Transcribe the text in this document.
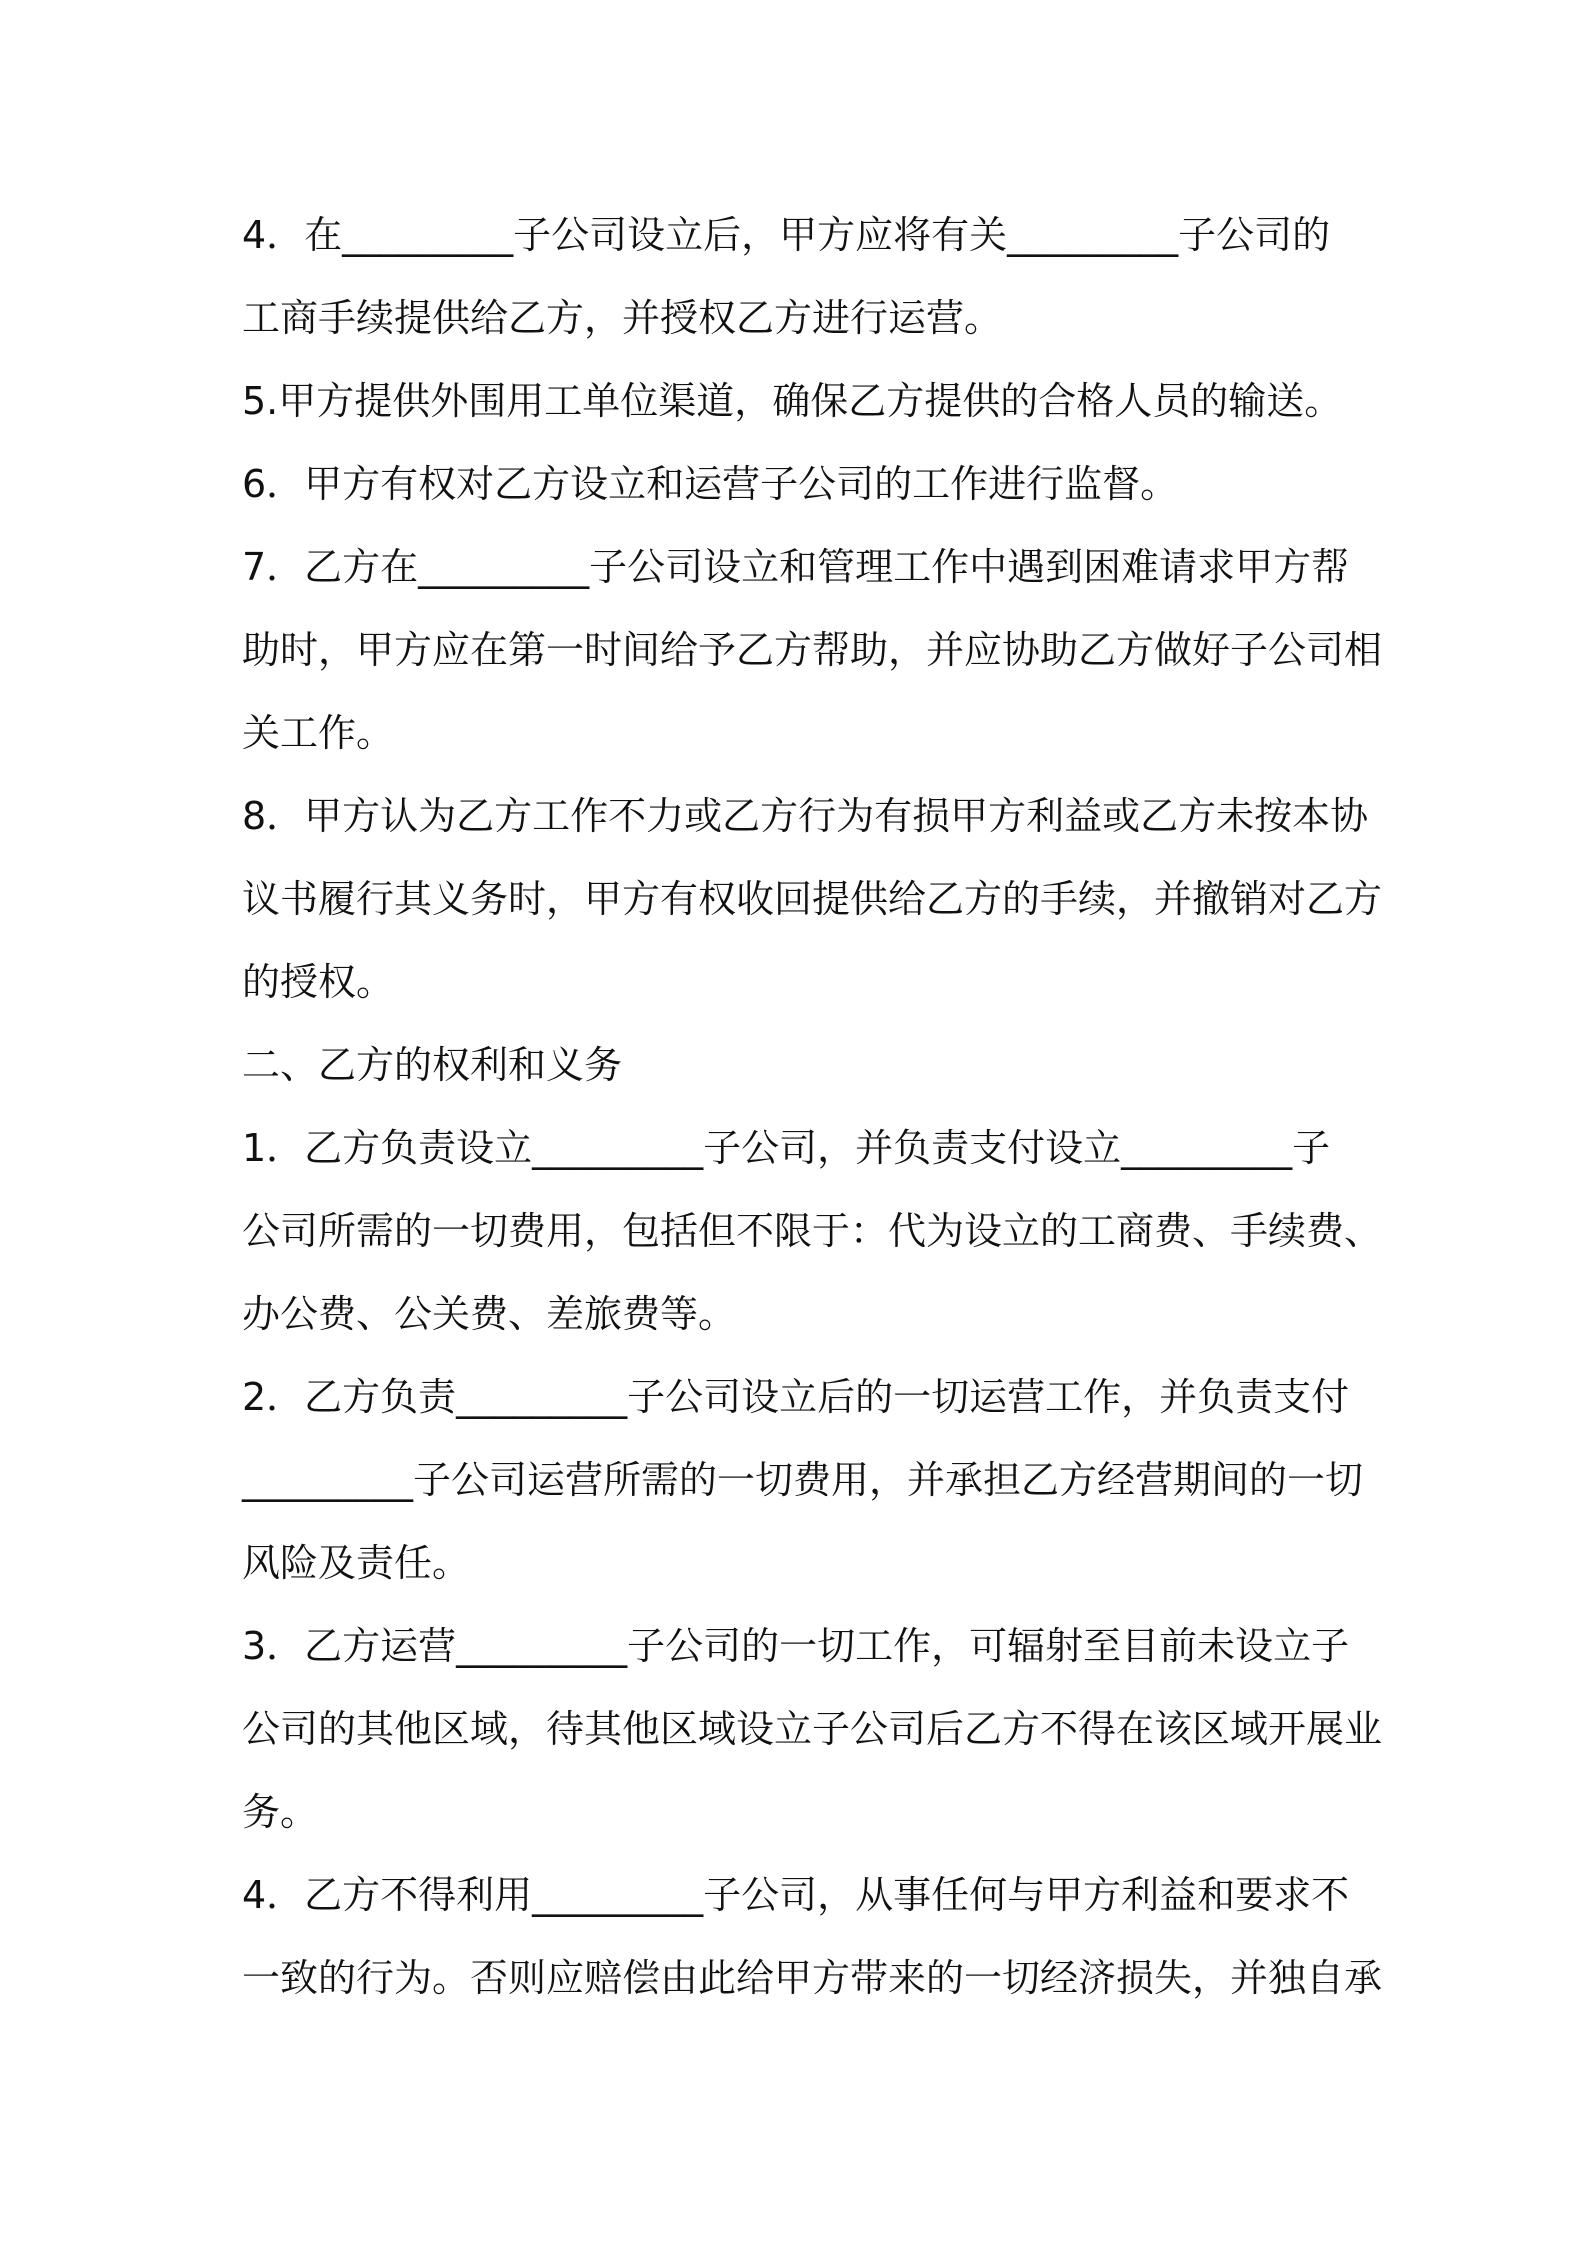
4．在_________子公司设立后，甲方应将有关_________子公司的
工商手续提供给乙方，并授权乙方进行运营。
5.甲方提供外围用工单位渠道，确保乙方提供的合格人员的输送。
6．甲方有权对乙方设立和运营子公司的工作进行监督。
7．乙方在_________子公司设立和管理工作中遇到困难请求甲方帮
助时，甲方应在第一时间给予乙方帮助，并应协助乙方做好子公司相
关工作。
8．甲方认为乙方工作不力或乙方行为有损甲方利益或乙方未按本协
议书履行其义务时，甲方有权收回提供给乙方的手续，并撤销对乙方
的授权。
二、乙方的权利和义务
1．乙方负责设立_________子公司，并负责支付设立_________子
公司所需的一切费用，包括但不限于：代为设立的工商费、手续费、
办公费、公关费、差旅费等。
2．乙方负责_________子公司设立后的一切运营工作，并负责支付
_________子公司运营所需的一切费用，并承担乙方经营期间的一切
风险及责任。
3．乙方运营_________子公司的一切工作，可辐射至目前未设立子
公司的其他区域，待其他区域设立子公司后乙方不得在该区域开展业
务。
4．乙方不得利用_________子公司，从事任何与甲方利益和要求不
一致的行为。否则应赔偿由此给甲方带来的一切经济损失，并独自承
